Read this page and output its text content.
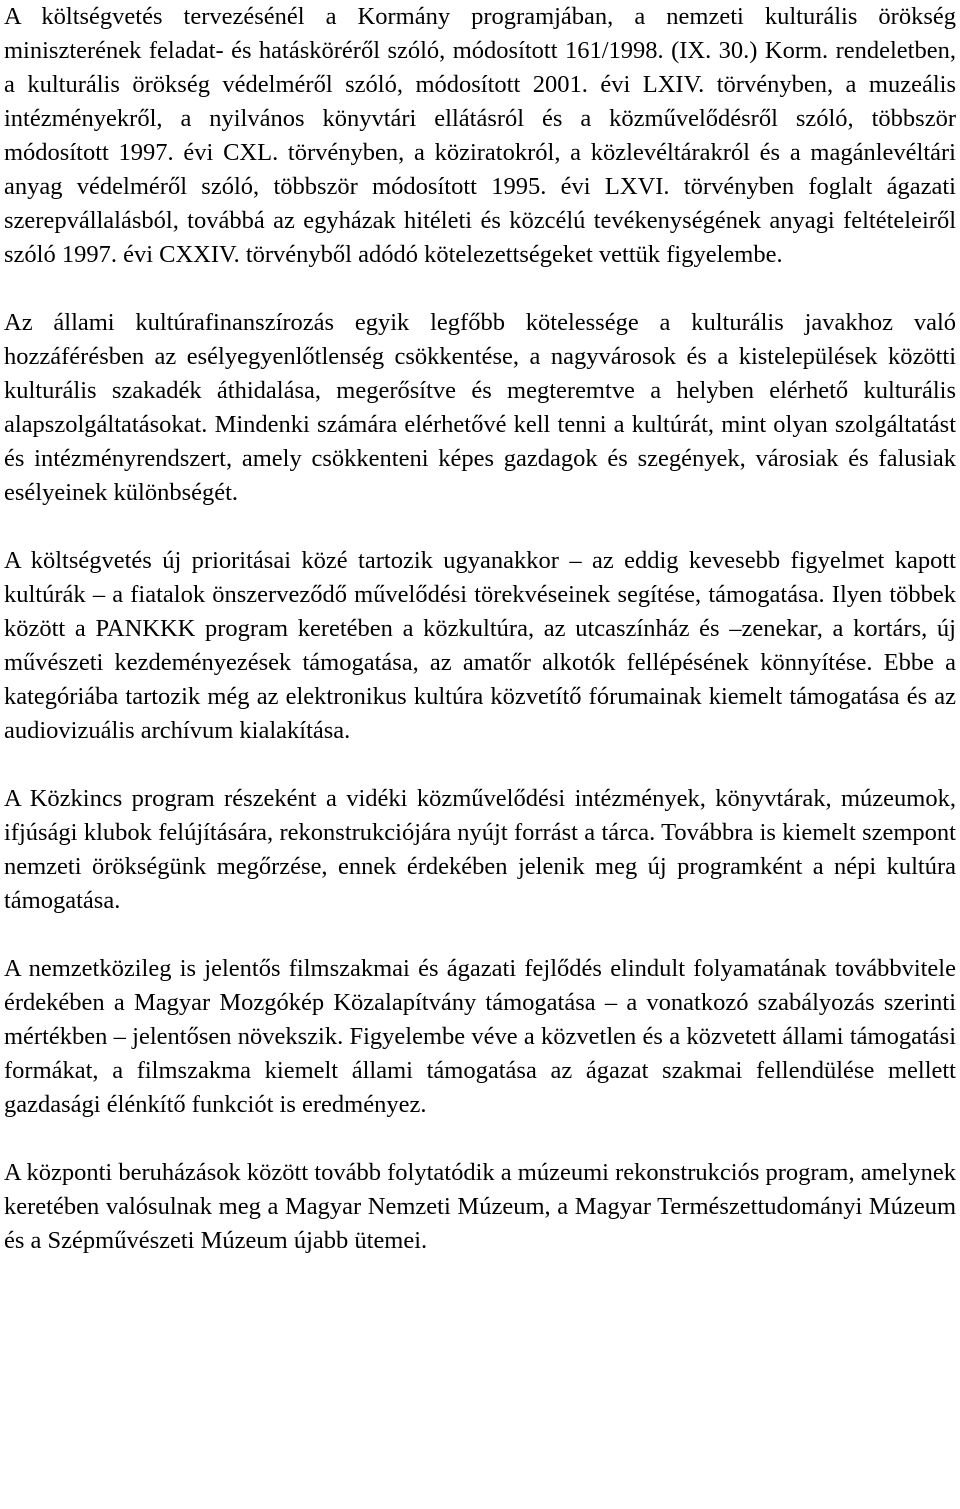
A költségvetés tervezésénél a Kormány programjában, a nemzeti kulturális örökség miniszterének feladat- és hatásköréről szóló, módosított 161/1998. (IX. 30.) Korm. rendeletben, a kulturális örökség védelméről szóló, módosított 2001. évi LXIV. törvényben, a muzeális intézményekről, a nyilvános könyvtári ellátásról és a közművelődésről szóló, többször módosított 1997. évi CXL. törvényben, a köziratokról, a közlevéltárakról és a magánlevéltári anyag védelméről szóló, többször módosított 1995. évi LXVI. törvényben foglalt ágazati szerepvállalásból, továbbá az egyházak hitéleti és közcélú tevékenységének anyagi feltételeiről szóló 1997. évi CXXIV. törvényből adódó kötelezettségeket vettük figyelembe.

Az állami kultúrafinanszírozás egyik legfőbb kötelessége a kulturális javakhoz való hozzáférésben az esélyegyenlőtlenség csökkentése, a nagyvárosok és a kistelepülések közötti kulturális szakadék áthidalása, megerősítve és megteremtve a helyben elérhető kulturális alapszolgáltatásokat. Mindenki számára elérhetővé kell tenni a kultúrát, mint olyan szolgáltatást és intézményrendszert, amely csökkenteni képes gazdagok és szegények, városiak és falusiak esélyeinek különbségét.

A költségvetés új prioritásai közé tartozik ugyanakkor – az eddig kevesebb figyelmet kapott kultúrák – a fiatalok önszerveződő művelődési törekvéseinek segítése, támogatása. Ilyen többek között a PANKKK program keretében a közkultúra, az utcaszínház és –zenekar, a kortárs, új művészeti kezdeményezések támogatása, az amatőr alkotók fellépésének könnyítése. Ebbe a kategóriába tartozik még az elektronikus kultúra közvetítő fórumainak kiemelt támogatása és az audiovizuális archívum kialakítása.

A Közkincs program részeként a vidéki közművelődési intézmények, könyvtárak, múzeumok, ifjúsági klubok felújítására, rekonstrukciójára nyújt forrást a tárca. Továbbra is kiemelt szempont nemzeti örökségünk megőrzése, ennek érdekében jelenik meg új programként a népi kultúra támogatása.

A nemzetközileg is jelentős filmszakmai és ágazati fejlődés elindult folyamatának továbbvitele érdekében a Magyar Mozgókép Közalapítvány támogatása – a vonatkozó szabályozás szerinti mértékben – jelentősen növekszik. Figyelembe véve a közvetlen és a közvetett állami támogatási formákat, a filmszakma kiemelt állami támogatása az ágazat szakmai fellendülése mellett gazdasági élénkítő funkciót is eredményez.

A központi beruházások között tovább folytatódik a múzeumi rekonstrukciós program, amelynek keretében valósulnak meg a Magyar Nemzeti Múzeum, a Magyar Természettudományi Múzeum és a Szépművészeti Múzeum újabb ütemei.
